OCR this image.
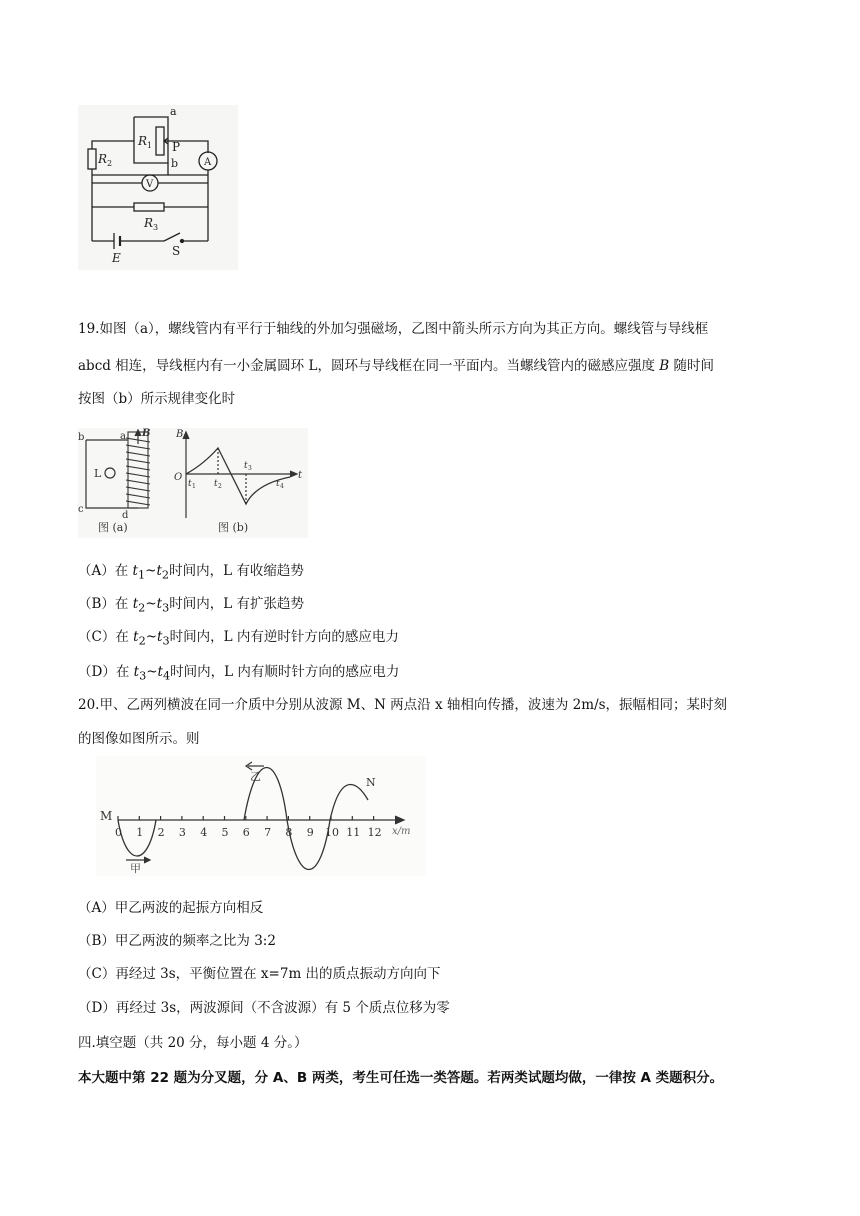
a
P
b
R 1
R 2
R 3
A
V
E	S
19.如图（a），螺线管内有平行于轴线的外加匀强磁场，乙图中箭头所示方向为其正方向。螺线管与导线框
abcd 相连，导线框内有一小金属圆环 L，圆环与导线框在同一平面内。当螺线管内的磁感应强度 B 随时间
按图（b）所示规律变化时
L
b	a
c
d
B
图 (a)
B
O	t
t 1 t 2
t 3
t 4
图 (b)
（A）在 $t_1\sim t_2$时间内，L 有收缩趋势
（B）在 $t_2\sim t_3$时间内，L 有扩张趋势
（C）在 $t_2\sim t_3$时间内，L 内有逆时针方向的感应电力
（D）在 $t_3\sim t_4$时间内，L 内有顺时针方向的感应电力
20.甲、乙两列横波在同一介质中分别从波源 M、N 两点沿 x 轴相向传播，波速为 2m/s，振幅相同；某时刻
的图像如图所示。则
0 1 2 3 4 5 6 7 8 9 10 11 12
M
N
乙
甲
x/m
（A）甲乙两波的起振方向相反
（B）甲乙两波的频率之比为 3:2
（C）再经过 3s，平衡位置在 x=7m 出的质点振动方向向下
（D）再经过 3s，两波源间（不含波源）有 5 个质点位移为零
四.填空题（共 20 分，每小题 4 分。）
本大题中第 22 题为分叉题，分 A、B 两类，考生可任选一类答题。若两类试题均做，一律按 A 类题积分。
